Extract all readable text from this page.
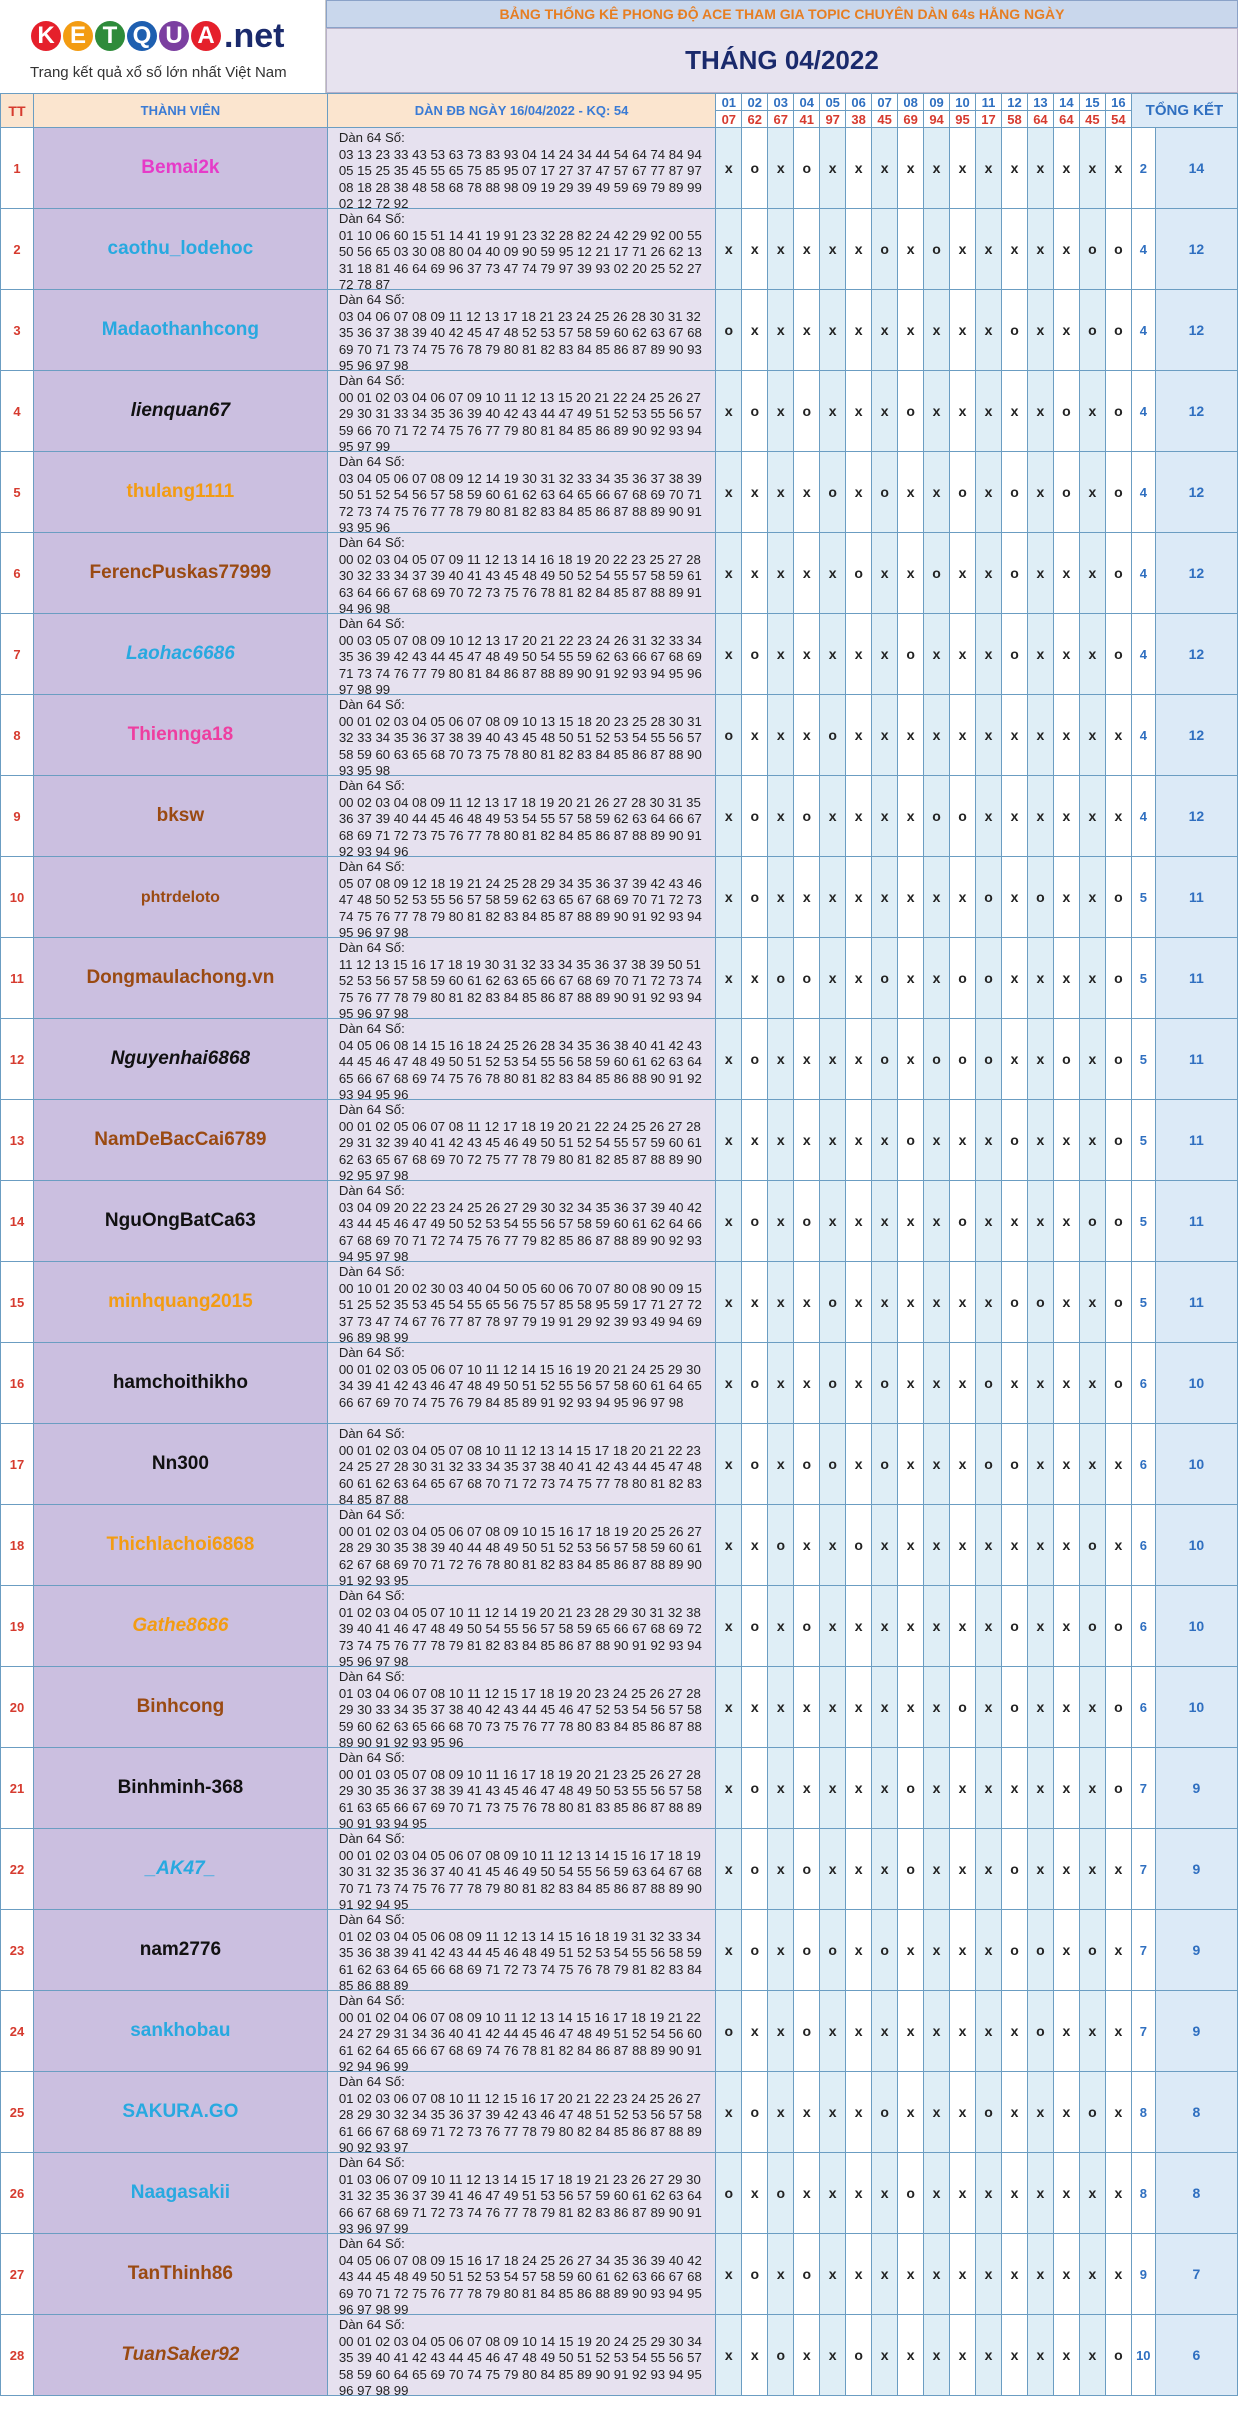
K E T Q U A .net
Trang kết quả xổ số lớn nhất Việt Nam
BẢNG THỐNG KÊ PHONG ĐỘ ACE THAM GIA TOPIC CHUYÊN DÀN 64s HẰNG NGÀY
THÁNG 04/2022
TT	THÀNH VIÊN	DÀN ĐB NGÀY 16/04/2022 - KQ: 54	01	02	03	04	05	06	07	08	09	10	11	12	13	14	15	16	TỔNG KẾT	
			07	62	67	41	97	38	45	69	94	95	17	58	64	64	45	54		
1	Bemai2k	Dàn 64 Số:
03 13 23 33 43 53 63 73 83 93 04 14 24 34 44 54 64 74 84 94 05 15 25 35 45 55 65 75 85 95 07 17 27 37 47 57 67 77 87 97 08 18 28 38 48 58 68 78 88 98 09 19 29 39 49 59 69 79 89 99 02 12 72 92	x	o	x	o	x	x	x	x	x	x	x	x	x	x	x	x	2	14
2	caothu_lodehoc	Dàn 64 Số:
01 10 06 60 15 51 14 41 19 91 23 32 28 82 24 42 29 92 00 55 50 56 65 03 30 08 80 04 40 09 90 59 95 12 21 17 71 26 62 13 31 18 81 46 64 69 96 37 73 47 74 79 97 39 93 02 20 25 52 27 72 78 87	x	x	x	x	x	x	o	x	o	x	x	x	x	x	o	o	4	12
3	Madaothanhcong	Dàn 64 Số:
03 04 06 07 08 09 11 12 13 17 18 21 23 24 25 26 28 30 31 32 35 36 37 38 39 40 42 45 47 48 52 53 57 58 59 60 62 63 67 68 69 70 71 73 74 75 76 78 79 80 81 82 83 84 85 86 87 89 90 93 95 96 97 98	o	x	x	x	x	x	x	x	x	x	x	o	x	x	o	o	4	12
4	lienquan67	Dàn 64 Số:
00 01 02 03 04 06 07 09 10 11 12 13 15 20 21 22 24 25 26 27 29 30 31 33 34 35 36 39 40 42 43 44 47 49 51 52 53 55 56 57 59 66 70 71 72 74 75 76 77 79 80 81 84 85 86 89 90 92 93 94 95 97 99	x	o	x	o	x	x	x	o	x	x	x	x	x	o	x	o	4	12
5	thulang1111	Dàn 64 Số:
03 04 05 06 07 08 09 12 14 19 30 31 32 33 34 35 36 37 38 39 50 51 52 54 56 57 58 59 60 61 62 63 64 65 66 67 68 69 70 71 72 73 74 75 76 77 78 79 80 81 82 83 84 85 86 87 88 89 90 91 93 95 96	x	x	x	x	o	x	o	x	x	o	x	o	x	o	x	o	4	12
6	FerencPuskas77999	Dàn 64 Số:
00 02 03 04 05 07 09 11 12 13 14 16 18 19 20 22 23 25 27 28 30 32 33 34 37 39 40 41 43 45 48 49 50 52 54 55 57 58 59 61 63 64 66 67 68 69 70 72 73 75 76 78 81 82 84 85 87 88 89 91 94 96 98	x	x	x	x	x	o	x	x	o	x	x	o	x	x	x	o	4	12
7	Laohac6686	Dàn 64 Số:
00 03 05 07 08 09 10 12 13 17 20 21 22 23 24 26 31 32 33 34 35 36 39 42 43 44 45 47 48 49 50 54 55 59 62 63 66 67 68 69 71 73 74 76 77 79 80 81 84 86 87 88 89 90 91 92 93 94 95 96 97 98 99	x	o	x	x	x	x	x	o	x	x	x	o	x	x	x	o	4	12
8	Thiennga18	Dàn 64 Số:
00 01 02 03 04 05 06 07 08 09 10 13 15 18 20 23 25 28 30 31 32 33 34 35 36 37 38 39 40 43 45 48 50 51 52 53 54 55 56 57 58 59 60 63 65 68 70 73 75 78 80 81 82 83 84 85 86 87 88 90 93 95 98	o	x	x	x	o	x	x	x	x	x	x	x	x	x	x	x	4	12
9	bksw	Dàn 64 Số:
00 02 03 04 08 09 11 12 13 17 18 19 20 21 26 27 28 30 31 35 36 37 39 40 44 45 46 48 49 53 54 55 57 58 59 62 63 64 66 67 68 69 71 72 73 75 76 77 78 80 81 82 84 85 86 87 88 89 90 91 92 93 94 96	x	o	x	o	x	x	x	x	o	o	x	x	x	x	x	x	4	12
10	phtrdeloto	Dàn 64 Số:
05 07 08 09 12 18 19 21 24 25 28 29 34 35 36 37 39 42 43 46 47 48 50 52 53 55 56 57 58 59 62 63 65 67 68 69 70 71 72 73 74 75 76 77 78 79 80 81 82 83 84 85 87 88 89 90 91 92 93 94 95 96 97 98	x	o	x	x	x	x	x	x	x	x	o	x	o	x	x	o	5	11
11	Dongmaulachong.vn	Dàn 64 Số:
11 12 13 15 16 17 18 19 30 31 32 33 34 35 36 37 38 39 50 51 52 53 56 57 58 59 60 61 62 63 65 66 67 68 69 70 71 72 73 74 75 76 77 78 79 80 81 82 83 84 85 86 87 88 89 90 91 92 93 94 95 96 97 98	x	x	o	o	x	x	o	x	x	o	o	x	x	x	x	o	5	11
12	Nguyenhai6868	Dàn 64 Số:
04 05 06 08 14 15 16 18 24 25 26 28 34 35 36 38 40 41 42 43 44 45 46 47 48 49 50 51 52 53 54 55 56 58 59 60 61 62 63 64 65 66 67 68 69 74 75 76 78 80 81 82 83 84 85 86 88 90 91 92 93 94 95 96	x	o	x	x	x	x	o	x	o	o	o	x	x	o	x	o	5	11
13	NamDeBacCai6789	Dàn 64 Số:
00 01 02 05 06 07 08 11 12 17 18 19 20 21 22 24 25 26 27 28 29 31 32 39 40 41 42 43 45 46 49 50 51 52 54 55 57 59 60 61 62 63 65 67 68 69 70 72 75 77 78 79 80 81 82 85 87 88 89 90 92 95 97 98	x	x	x	x	x	x	x	o	x	x	x	o	x	x	x	o	5	11
14	NguOngBatCa63	Dàn 64 Số:
03 04 09 20 22 23 24 25 26 27 29 30 32 34 35 36 37 39 40 42 43 44 45 46 47 49 50 52 53 54 55 56 57 58 59 60 61 62 64 66 67 68 69 70 71 72 74 75 76 77 79 82 85 86 87 88 89 90 92 93 94 95 97 98	x	o	x	o	x	x	x	x	x	o	x	x	x	x	o	o	5	11
15	minhquang2015	Dàn 64 Số:
00 10 01 20 02 30 03 40 04 50 05 60 06 70 07 80 08 90 09 15 51 25 52 35 53 45 54 55 65 56 75 57 85 58 95 59 17 71 27 72 37 73 47 74 67 76 77 87 78 97 79 19 91 29 92 39 93 49 94 69 96 89 98 99	x	x	x	x	o	x	x	x	x	x	x	o	o	x	x	o	5	11
16	hamchoithikho	Dàn 64 Số:
00 01 02 03 05 06 07 10 11 12 14 15 16 19 20 21 24 25 29 30 34 39 41 42 43 46 47 48 49 50 51 52 55 56 57 58 60 61 64 65 66 67 69 70 74 75 76 79 84 85 89 91 92 93 94 95 96 97 98	x	o	x	x	o	x	o	x	x	x	o	x	x	x	x	o	6	10
17	Nn300	Dàn 64 Số:
00 01 02 03 04 05 07 08 10 11 12 13 14 15 17 18 20 21 22 23 24 25 27 28 30 31 32 33 34 35 37 38 40 41 42 43 44 45 47 48 60 61 62 63 64 65 67 68 70 71 72 73 74 75 77 78 80 81 82 83 84 85 87 88	x	o	x	o	o	x	o	x	x	x	o	o	x	x	x	x	6	10
18	Thichlachoi6868	Dàn 64 Số:
00 01 02 03 04 05 06 07 08 09 10 15 16 17 18 19 20 25 26 27 28 29 30 35 38 39 40 44 48 49 50 51 52 53 56 57 58 59 60 61 62 67 68 69 70 71 72 76 78 80 81 82 83 84 85 86 87 88 89 90 91 92 93 95	x	x	o	x	x	o	x	x	x	x	x	x	x	x	o	x	6	10
19	Gathe8686	Dàn 64 Số:
01 02 03 04 05 07 10 11 12 14 19 20 21 23 28 29 30 31 32 38 39 40 41 46 47 48 49 50 54 55 56 57 58 59 65 66 67 68 69 72 73 74 75 76 77 78 79 81 82 83 84 85 86 87 88 90 91 92 93 94 95 96 97 98	x	o	x	o	x	x	x	x	x	x	x	o	x	x	o	o	6	10
20	Binhcong	Dàn 64 Số:
01 03 04 06 07 08 10 11 12 15 17 18 19 20 23 24 25 26 27 28 29 30 33 34 35 37 38 40 42 43 44 45 46 47 52 53 54 56 57 58 59 60 62 63 65 66 68 70 73 75 76 77 78 80 83 84 85 86 87 88 89 90 91 92 93 95 96	x	x	x	x	x	x	x	x	x	o	x	o	x	x	x	o	6	10
21	Binhminh-368	Dàn 64 Số:
00 01 03 05 07 08 09 10 11 16 17 18 19 20 21 23 25 26 27 28 29 30 35 36 37 38 39 41 43 45 46 47 48 49 50 53 55 56 57 58 61 63 65 66 67 69 70 71 73 75 76 78 80 81 83 85 86 87 88 89 90 91 93 94 95	x	o	x	x	x	x	x	o	x	x	x	x	x	x	x	o	7	9
22	_AK47_	Dàn 64 Số:
00 01 02 03 04 05 06 07 08 09 10 11 12 13 14 15 16 17 18 19 30 31 32 35 36 37 40 41 45 46 49 50 54 55 56 59 63 64 67 68 70 71 73 74 75 76 77 78 79 80 81 82 83 84 85 86 87 88 89 90 91 92 94 95	x	o	x	o	x	x	x	o	x	x	x	o	x	x	x	x	7	9
23	nam2776	Dàn 64 Số:
01 02 03 04 05 06 08 09 11 12 13 14 15 16 18 19 31 32 33 34 35 36 38 39 41 42 43 44 45 46 48 49 51 52 53 54 55 56 58 59 61 62 63 64 65 66 68 69 71 72 73 74 75 76 78 79 81 82 83 84 85 86 88 89	x	o	x	o	o	x	o	x	x	x	x	o	o	x	o	x	7	9
24	sankhobau	Dàn 64 Số:
00 01 02 04 06 07 08 09 10 11 12 13 14 15 16 17 18 19 21 22 24 27 29 31 34 36 40 41 42 44 45 46 47 48 49 51 52 54 56 60 61 62 64 65 66 67 68 69 74 76 78 81 82 84 86 87 88 89 90 91 92 94 96 99	o	x	x	o	x	x	x	x	x	x	x	x	o	x	x	x	7	9
25	SAKURA.GO	Dàn 64 Số:
01 02 03 06 07 08 10 11 12 15 16 17 20 21 22 23 24 25 26 27 28 29 30 32 34 35 36 37 39 42 43 46 47 48 51 52 53 56 57 58 61 66 67 68 69 71 72 73 76 77 78 79 80 82 84 85 86 87 88 89 90 92 93 97	x	o	x	x	x	x	o	x	x	x	o	x	x	x	o	x	8	8
26	Naagasakii	Dàn 64 Số:
01 03 06 07 09 10 11 12 13 14 15 17 18 19 21 23 26 27 29 30 31 32 35 36 37 39 41 46 47 49 51 53 56 57 59 60 61 62 63 64 66 67 68 69 71 72 73 74 76 77 78 79 81 82 83 86 87 89 90 91 93 96 97 99	o	x	o	x	x	x	x	o	x	x	x	x	x	x	x	x	8	8
27	TanThinh86	Dàn 64 Số:
04 05 06 07 08 09 15 16 17 18 24 25 26 27 34 35 36 39 40 42 43 44 45 48 49 50 51 52 53 54 57 58 59 60 61 62 63 66 67 68 69 70 71 72 75 76 77 78 79 80 81 84 85 86 88 89 90 93 94 95 96 97 98 99	x	o	x	o	x	x	x	x	x	x	x	x	x	x	x	x	9	7
28	TuanSaker92	Dàn 64 Số:
00 01 02 03 04 05 06 07 08 09 10 14 15 19 20 24 25 29 30 34 35 39 40 41 42 43 44 45 46 47 48 49 50 51 52 53 54 55 56 57 58 59 60 64 65 69 70 74 75 79 80 84 85 89 90 91 92 93 94 95 96 97 98 99	x	x	o	x	x	o	x	x	x	x	x	x	x	x	x	o	10	6
